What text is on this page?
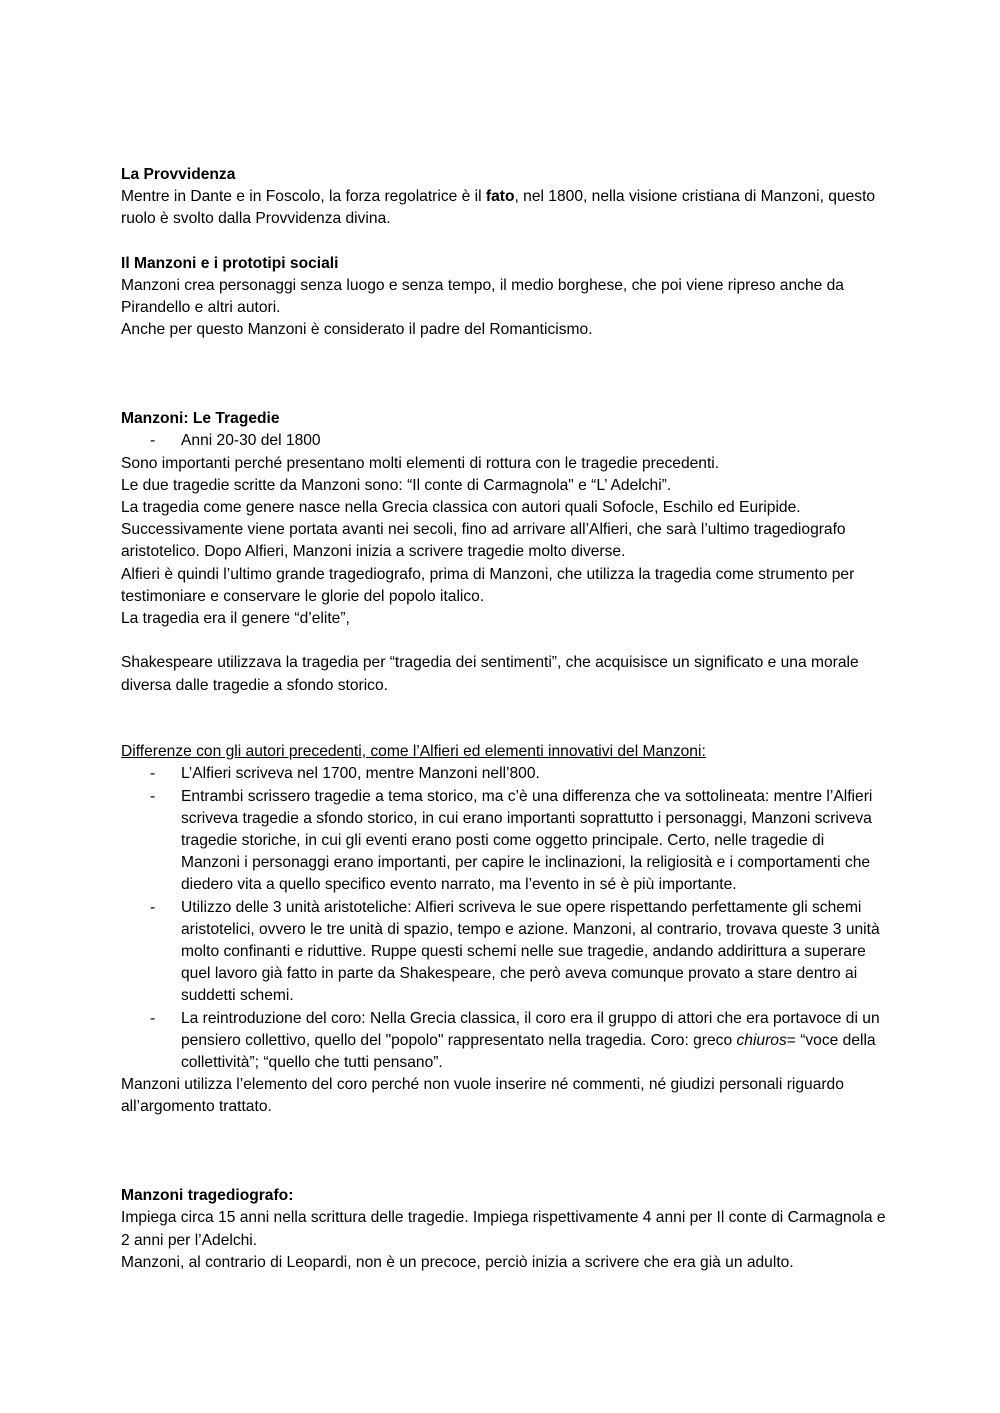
La Provvidenza

Mentre in Dante e in Foscolo, la forza regolatrice è il fato, nel 1800, nella visione cristiana di Manzoni, questo ruolo è svolto dalla Provvidenza divina.

Il Manzoni e i prototipi sociali

Manzoni crea personaggi senza luogo e senza tempo, il medio borghese, che poi viene ripreso anche da Pirandello e altri autori.

Anche per questo Manzoni è considerato il padre del Romanticismo.

Manzoni: Le Tragedie

- Anni 20-30 del 1800

Sono importanti perché presentano molti elementi di rottura con le tragedie precedenti.

Le due tragedie scritte da Manzoni sono: “Il conte di Carmagnola" e “L’ Adelchi”.

La tragedia come genere nasce nella Grecia classica con autori quali Sofocle, Eschilo ed Euripide.

Successivamente viene portata avanti nei secoli, fino ad arrivare all’Alfieri, che sarà l’ultimo tragediografo aristotelico. Dopo Alfieri, Manzoni inizia a scrivere tragedie molto diverse.

Alfieri è quindi l’ultimo grande tragediografo, prima di Manzoni, che utilizza la tragedia come strumento per testimoniare e conservare le glorie del popolo italico.

La tragedia era il genere “d’elite”,

Shakespeare utilizzava la tragedia per “tragedia dei sentimenti”, che acquisisce un significato e una morale diversa dalle tragedie a sfondo storico.

Differenze con gli autori precedenti, come l’Alfieri ed elementi innovativi del Manzoni:

- L’Alfieri scriveva nel 1700, mentre Manzoni nell’800.
- Entrambi scrissero tragedie a tema storico, ma c’è una differenza che va sottolineata: mentre l’Alfieri scriveva tragedie a sfondo storico, in cui erano importanti soprattutto i personaggi, Manzoni scriveva tragedie storiche, in cui gli eventi erano posti come oggetto principale. Certo, nelle tragedie di Manzoni i personaggi erano importanti, per capire le inclinazioni, la religiosità e i comportamenti che diedero vita a quello specifico evento narrato, ma l’evento in sé è più importante.
- Utilizzo delle 3 unità aristoteliche: Alfieri scriveva le sue opere rispettando perfettamente gli schemi aristotelici, ovvero le tre unità di spazio, tempo e azione. Manzoni, al contrario, trovava queste 3 unità molto confinanti e riduttive. Ruppe questi schemi nelle sue tragedie, andando addirittura a superare quel lavoro già fatto in parte da Shakespeare, che però aveva comunque provato a stare dentro ai suddetti schemi.
- La reintroduzione del coro: Nella Grecia classica, il coro era il gruppo di attori che era portavoce di un pensiero collettivo, quello del "popolo" rappresentato nella tragedia. Coro: greco chiuros= “voce della collettività”; “quello che tutti pensano”.

Manzoni utilizza l’elemento del coro perché non vuole inserire né commenti, né giudizi personali riguardo all’argomento trattato.

Manzoni tragediografo:

Impiega circa 15 anni nella scrittura delle tragedie. Impiega rispettivamente 4 anni per Il conte di Carmagnola e 2 anni per l’Adelchi.

Manzoni, al contrario di Leopardi, non è un precoce, perciò inizia a scrivere che era già un adulto.
